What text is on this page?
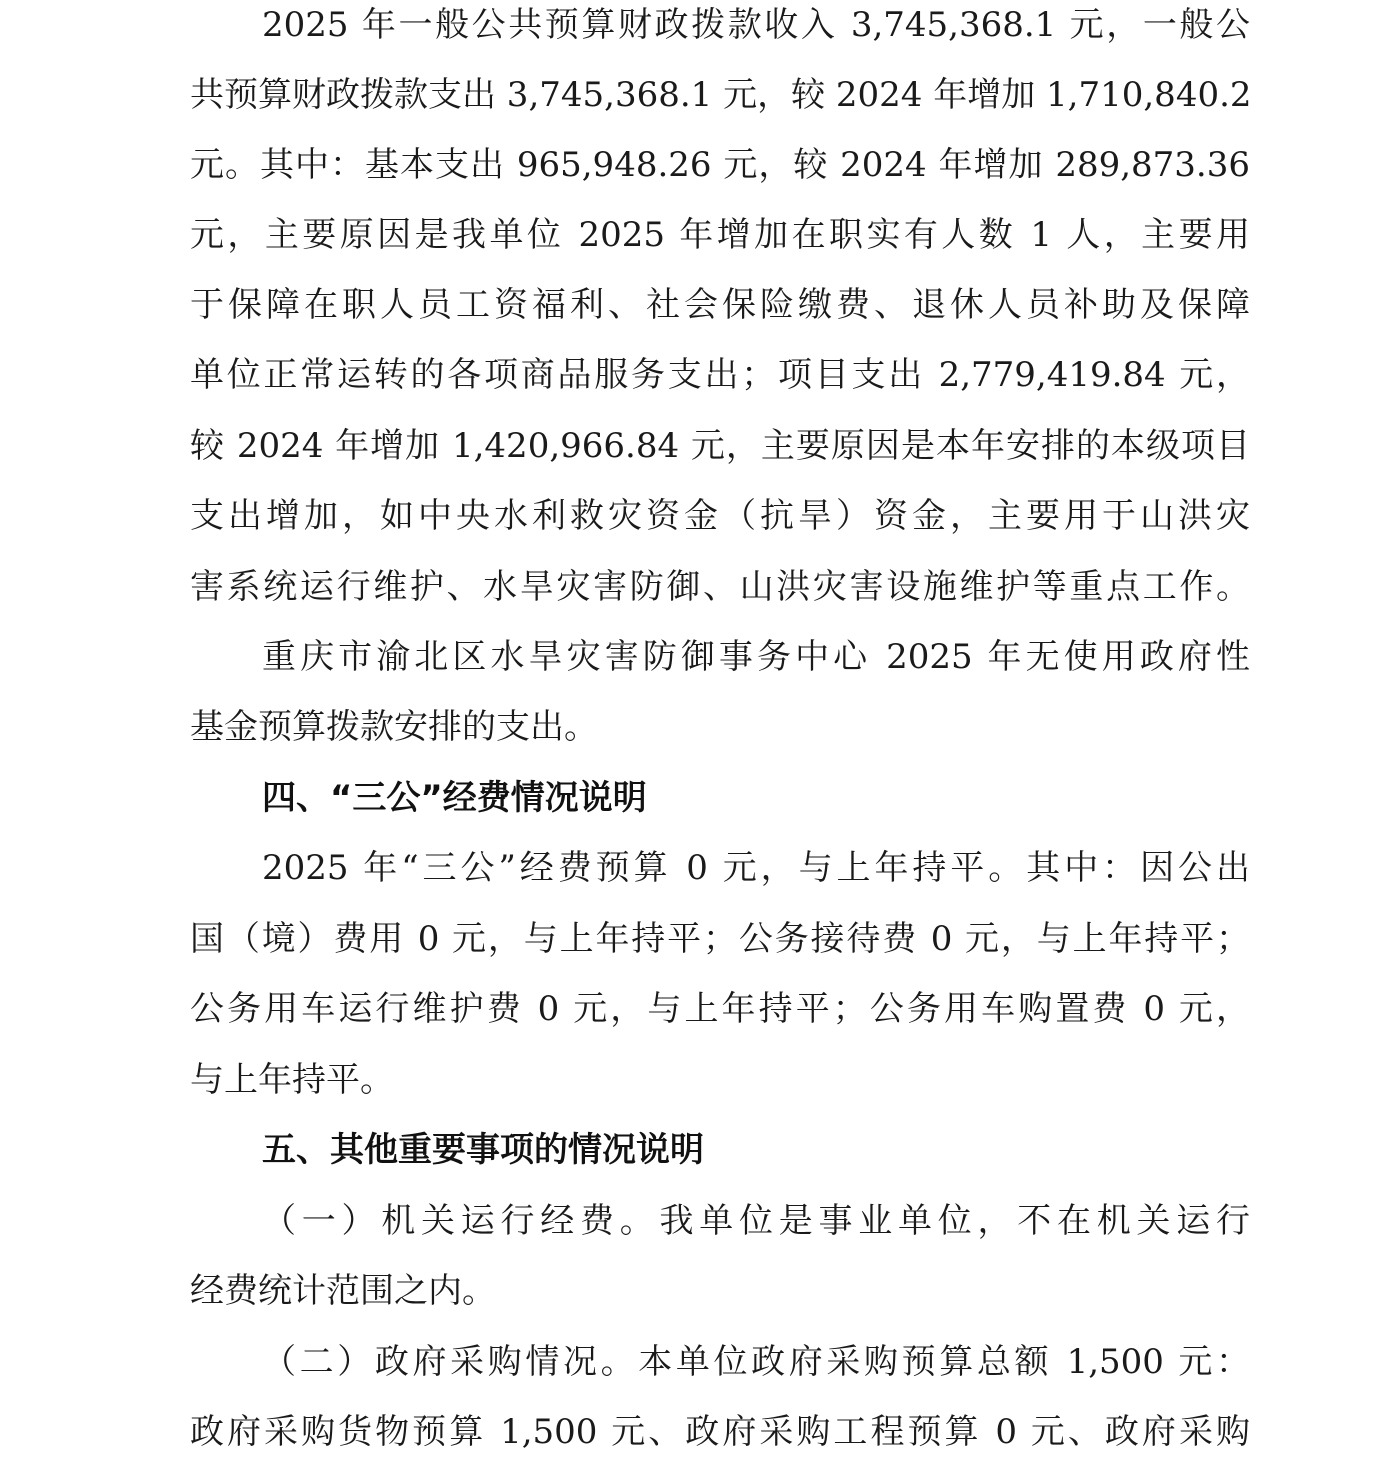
2025 年一般公共预算财政拨款收入 3,745,368.1 元，一般公
共预算财政拨款支出 3,745,368.1 元，较 2024 年增加 1,710,840.2
元。其中：基本支出 965,948.26 元，较 2024 年增加 289,873.36
元，主要原因是我单位 2025 年增加在职实有人数 1 人，主要用
于保障在职人员工资福利、社会保险缴费、退休人员补助及保障
单位正常运转的各项商品服务支出；项目支出 2,779,419.84 元，
较 2024 年增加 1,420,966.84 元，主要原因是本年安排的本级项目
支出增加，如中央水利救灾资金（抗旱）资金，主要用于山洪灾
害系统运行维护、水旱灾害防御、山洪灾害设施维护等重点工作。
重庆市渝北区水旱灾害防御事务中心 2025 年无使用政府性
基金预算拨款安排的支出。
四、“三公”经费情况说明
2025 年“三公”经费预算 0 元，与上年持平。其中：因公出
国（境）费用 0 元，与上年持平；公务接待费 0 元，与上年持平；
公务用车运行维护费 0 元，与上年持平；公务用车购置费 0 元，
与上年持平。
五、其他重要事项的情况说明
（一）机关运行经费。我单位是事业单位，不在机关运行
经费统计范围之内。
（二）政府采购情况。本单位政府采购预算总额 1,500 元：
政府采购货物预算 1,500 元、政府采购工程预算 0 元、政府采购
